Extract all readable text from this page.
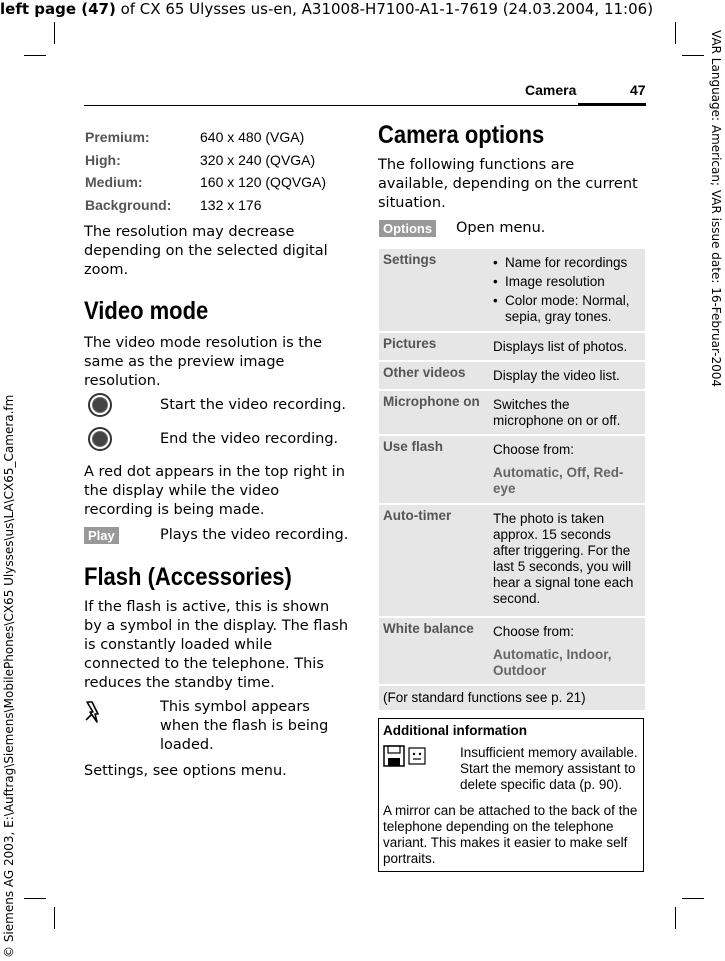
left page (47) of CX 65 Ulysses us-en, A31008-H7100-A1-1-7619 (24.03.2004, 11:06)
VAR Language: American; VAR issue date: 16-Februar-2004
© Siemens AG 2003, E:\Auftrag\Siemens\MobilePhones\CX65 Ulysses\us\LA\CX65_Camera.fm
Camera	47
Premium:	640 x 480 (VGA)
High:	320 x 240 (QVGA)
Medium:	160 x 120 (QQVGA)
Background: 132 x 176
The resolution may decrease depending on the selected digital zoom.
Video mode
The video mode resolution is the same as the preview image resolution.
Start the video recording.
End the video recording.
A red dot appears in the top right in the display while the video recording is being made.
Play	Plays the video recording.
Flash (Accessories)
If the flash is active, this is shown by a symbol in the display. The flash is constantly loaded while connected to the telephone. This reduces the standby time.
This symbol appears when the flash is being loaded.
Settings, see options menu.
Camera options
The following functions are available, depending on the current situation.
Options Open menu.
Settings
•	Name for recordings
• Image resolution
• Color mode: Normal, sepia, gray tones.
Pictures	Displays list of photos.
Other videos Display the video list.
Microphone on Switches the microphone on or off.
Use flash	Choose from:
Automatic, Off, Red-eye
Auto-timer	The photo is taken approx. 15 seconds after triggering. For the last 5 seconds, you will hear a signal tone each second.
White balance Choose from:
Automatic, Indoor, Outdoor
(For standard functions see p. 21)
Additional information
Insufficient memory available. Start the memory assistant to delete specific data (p. 90).
A mirror can be attached to the back of the telephone depending on the telephone variant. This makes it easier to make self portraits.
